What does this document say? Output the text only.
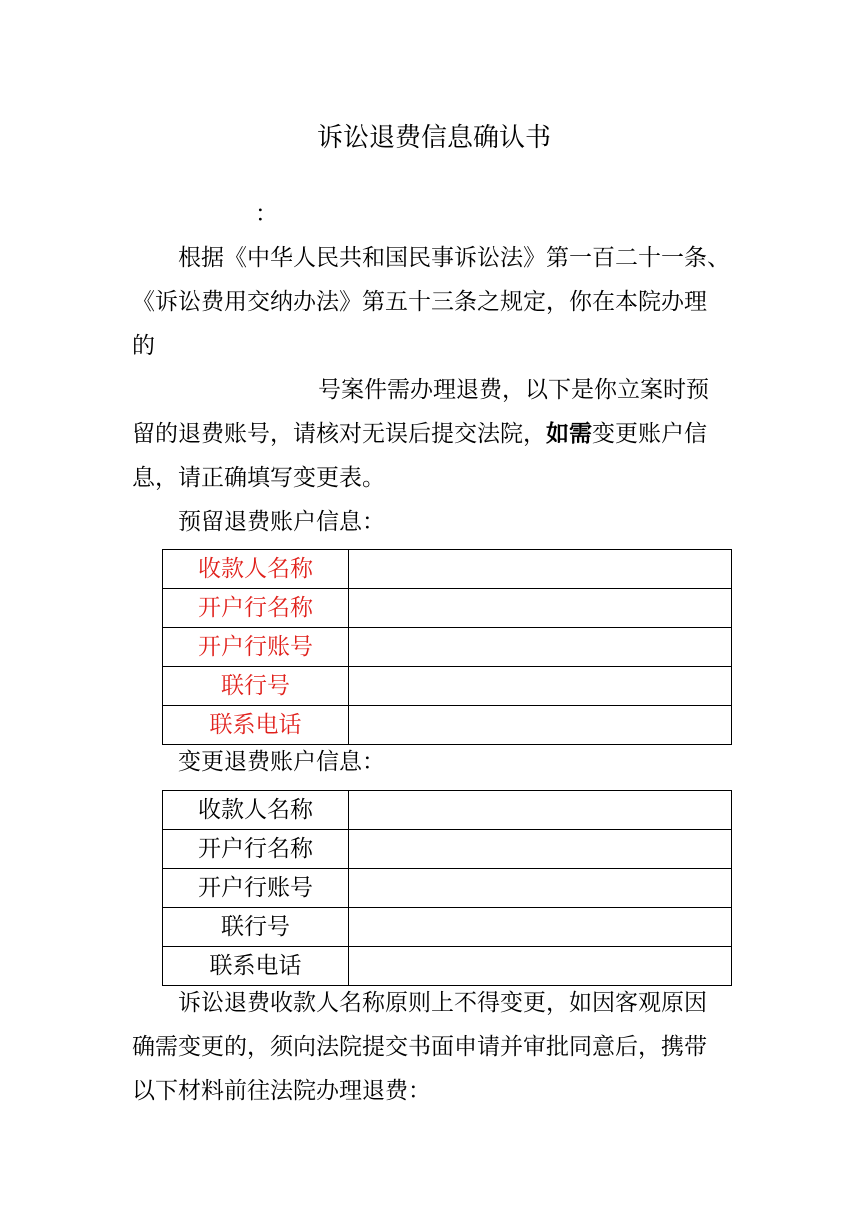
诉讼退费信息确认书
：
根据《中华人民共和国民事诉讼法》第一百二十一条、
《诉讼费用交纳办法》第五十三条之规定，你在本院办理
的
号案件需办理退费，以下是你立案时预
留的退费账号，请核对无误后提交法院，如需变更账户信
息，请正确填写变更表。
预留退费账户信息：
收款人名称	
开户行名称	
开户行账号	
联行号	
联系电话	
变更退费账户信息：
收款人名称	
开户行名称	
开户行账号	
联行号	
联系电话	
诉讼退费收款人名称原则上不得变更，如因客观原因
确需变更的，须向法院提交书面申请并审批同意后，携带
以下材料前往法院办理退费：
